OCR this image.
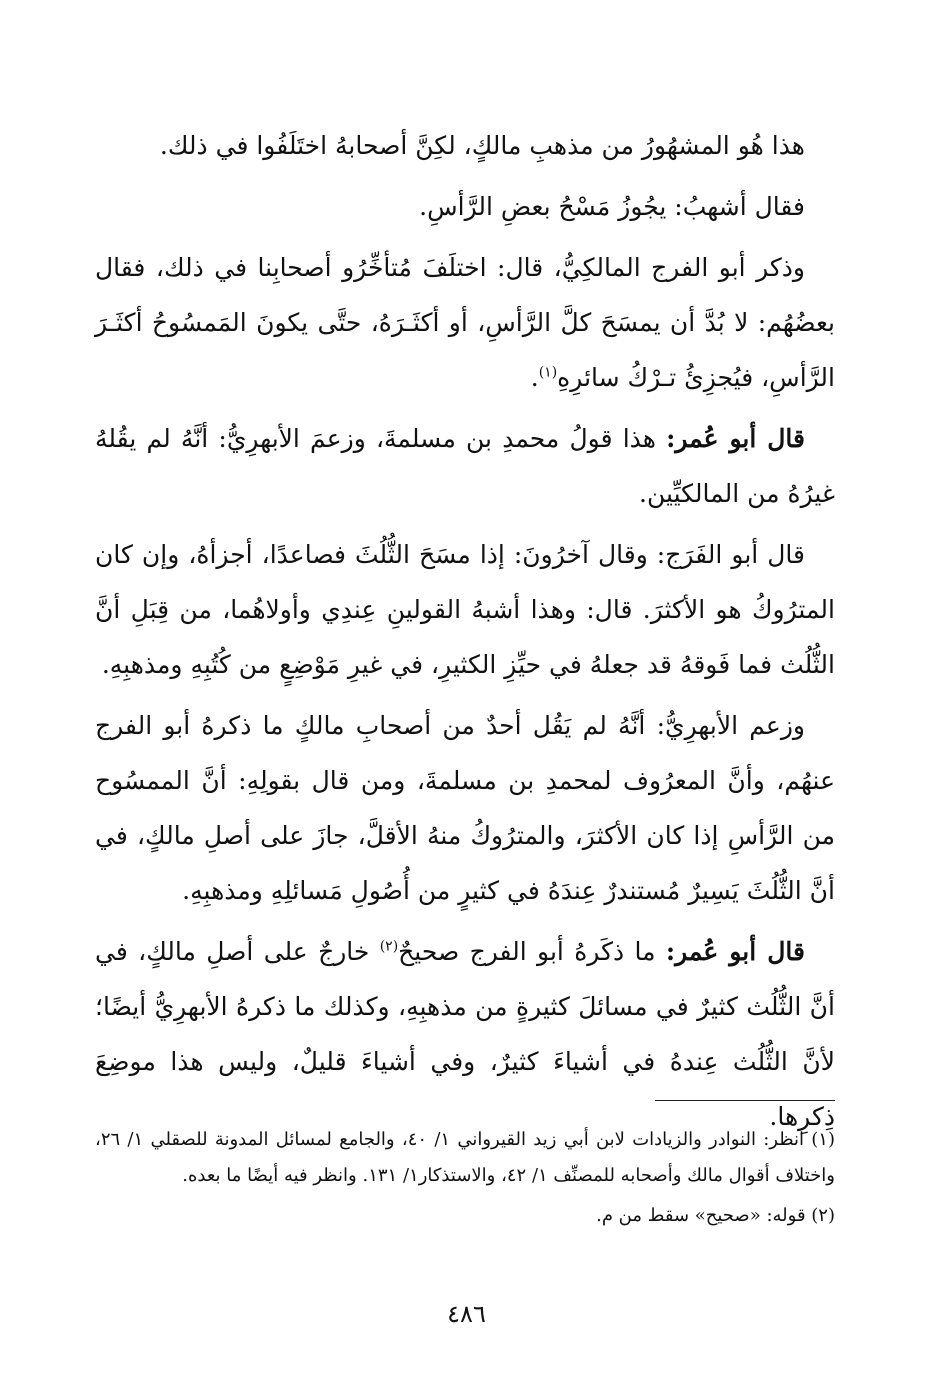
هذا هُو المشهُورُ من مذهبِ مالكٍ، لكِنَّ أصحابهُ اختَلَفُوا في ذلك.

فقال أشهبُ: يجُوزُ مَسْحُ بعضِ الرَّأسِ.

وذكر أبو الفرج المالكِيُّ، قال: اختلَفَ مُتأخِّرُو أصحابِنا في ذلك، فقال بعضُهُم: لا بُدَّ أن يمسَحَ كلَّ الرَّأسِ، أو أكثَـرَهُ، حتَّى يكونَ المَمسُوحُ أكثَـرَ الرَّأسِ، فيُجزِئُ تـرْكُ سائرِهِ$^{(١)}$.

قال أبو عُمر: هذا قولُ محمدِ بن مسلمةَ، وزعمَ الأبهرِيُّ: أنَّهُ لم يقُلهُ غيرُهُ من المالكيِّين.

قال أبو الفَرَج: وقال آخرُونَ: إذا مسَحَ الثُّلُثَ فصاعدًا، أجزأهُ، وإن كان المترُوكُ هو الأكثرَ. قال: وهذا أشبهُ القولينِ عِندِي وأولاهُما، من قِبَلِ أنَّ الثُّلُث فما فَوقهُ قد جعلهُ في حيِّزِ الكثيرِ، في غيرِ مَوْضِعٍ من كُتُبِهِ ومذهبِهِ.

وزعم الأبهرِيُّ: أنَّهُ لم يَقُل أحدٌ من أصحابِ مالكٍ ما ذكرهُ أبو الفرج عنهُم، وأنَّ المعرُوف لمحمدِ بن مسلمةَ، ومن قال بقولِهِ: أنَّ الممسُوح من الرَّأسِ إذا كان الأكثرَ، والمترُوكُ منهُ الأقلَّ، جازَ على أصلِ مالكٍ، في أنَّ الثُّلُثَ يَسِيرٌ مُستندرٌ عِندَهُ في كثيرٍ من أُصُولِ مَسائلِهِ ومذهبِهِ.

قال أبو عُمر: ما ذكَرهُ أبو الفرج صحيحٌ$^{(٢)}$ خارجٌ على أصلِ مالكٍ، في أنَّ الثُّلُث كثيرٌ في مسائلَ كثيرةٍ من مذهبِهِ، وكذلك ما ذكرهُ الأبهرِيُّ أيضًا؛ لأنَّ الثُّلُث عِندهُ في أشياءَ كثيرٌ، وفي أشياءَ قليلٌ، وليس هذا موضِعَ ذِكرِها.

(١) انظر: النوادر والزيادات لابن أبي زيد القيرواني ١/ ٤٠، والجامع لمسائل المدونة للصقلي ١/ ٢٦، واختلاف أقوال مالك وأصحابه للمصنِّف ١/ ٤٢، والاستذكار١/ ١٣١. وانظر فيه أيضًا ما بعده.

(٢) قوله: «صحيح» سقط من م.

٤٨٦
